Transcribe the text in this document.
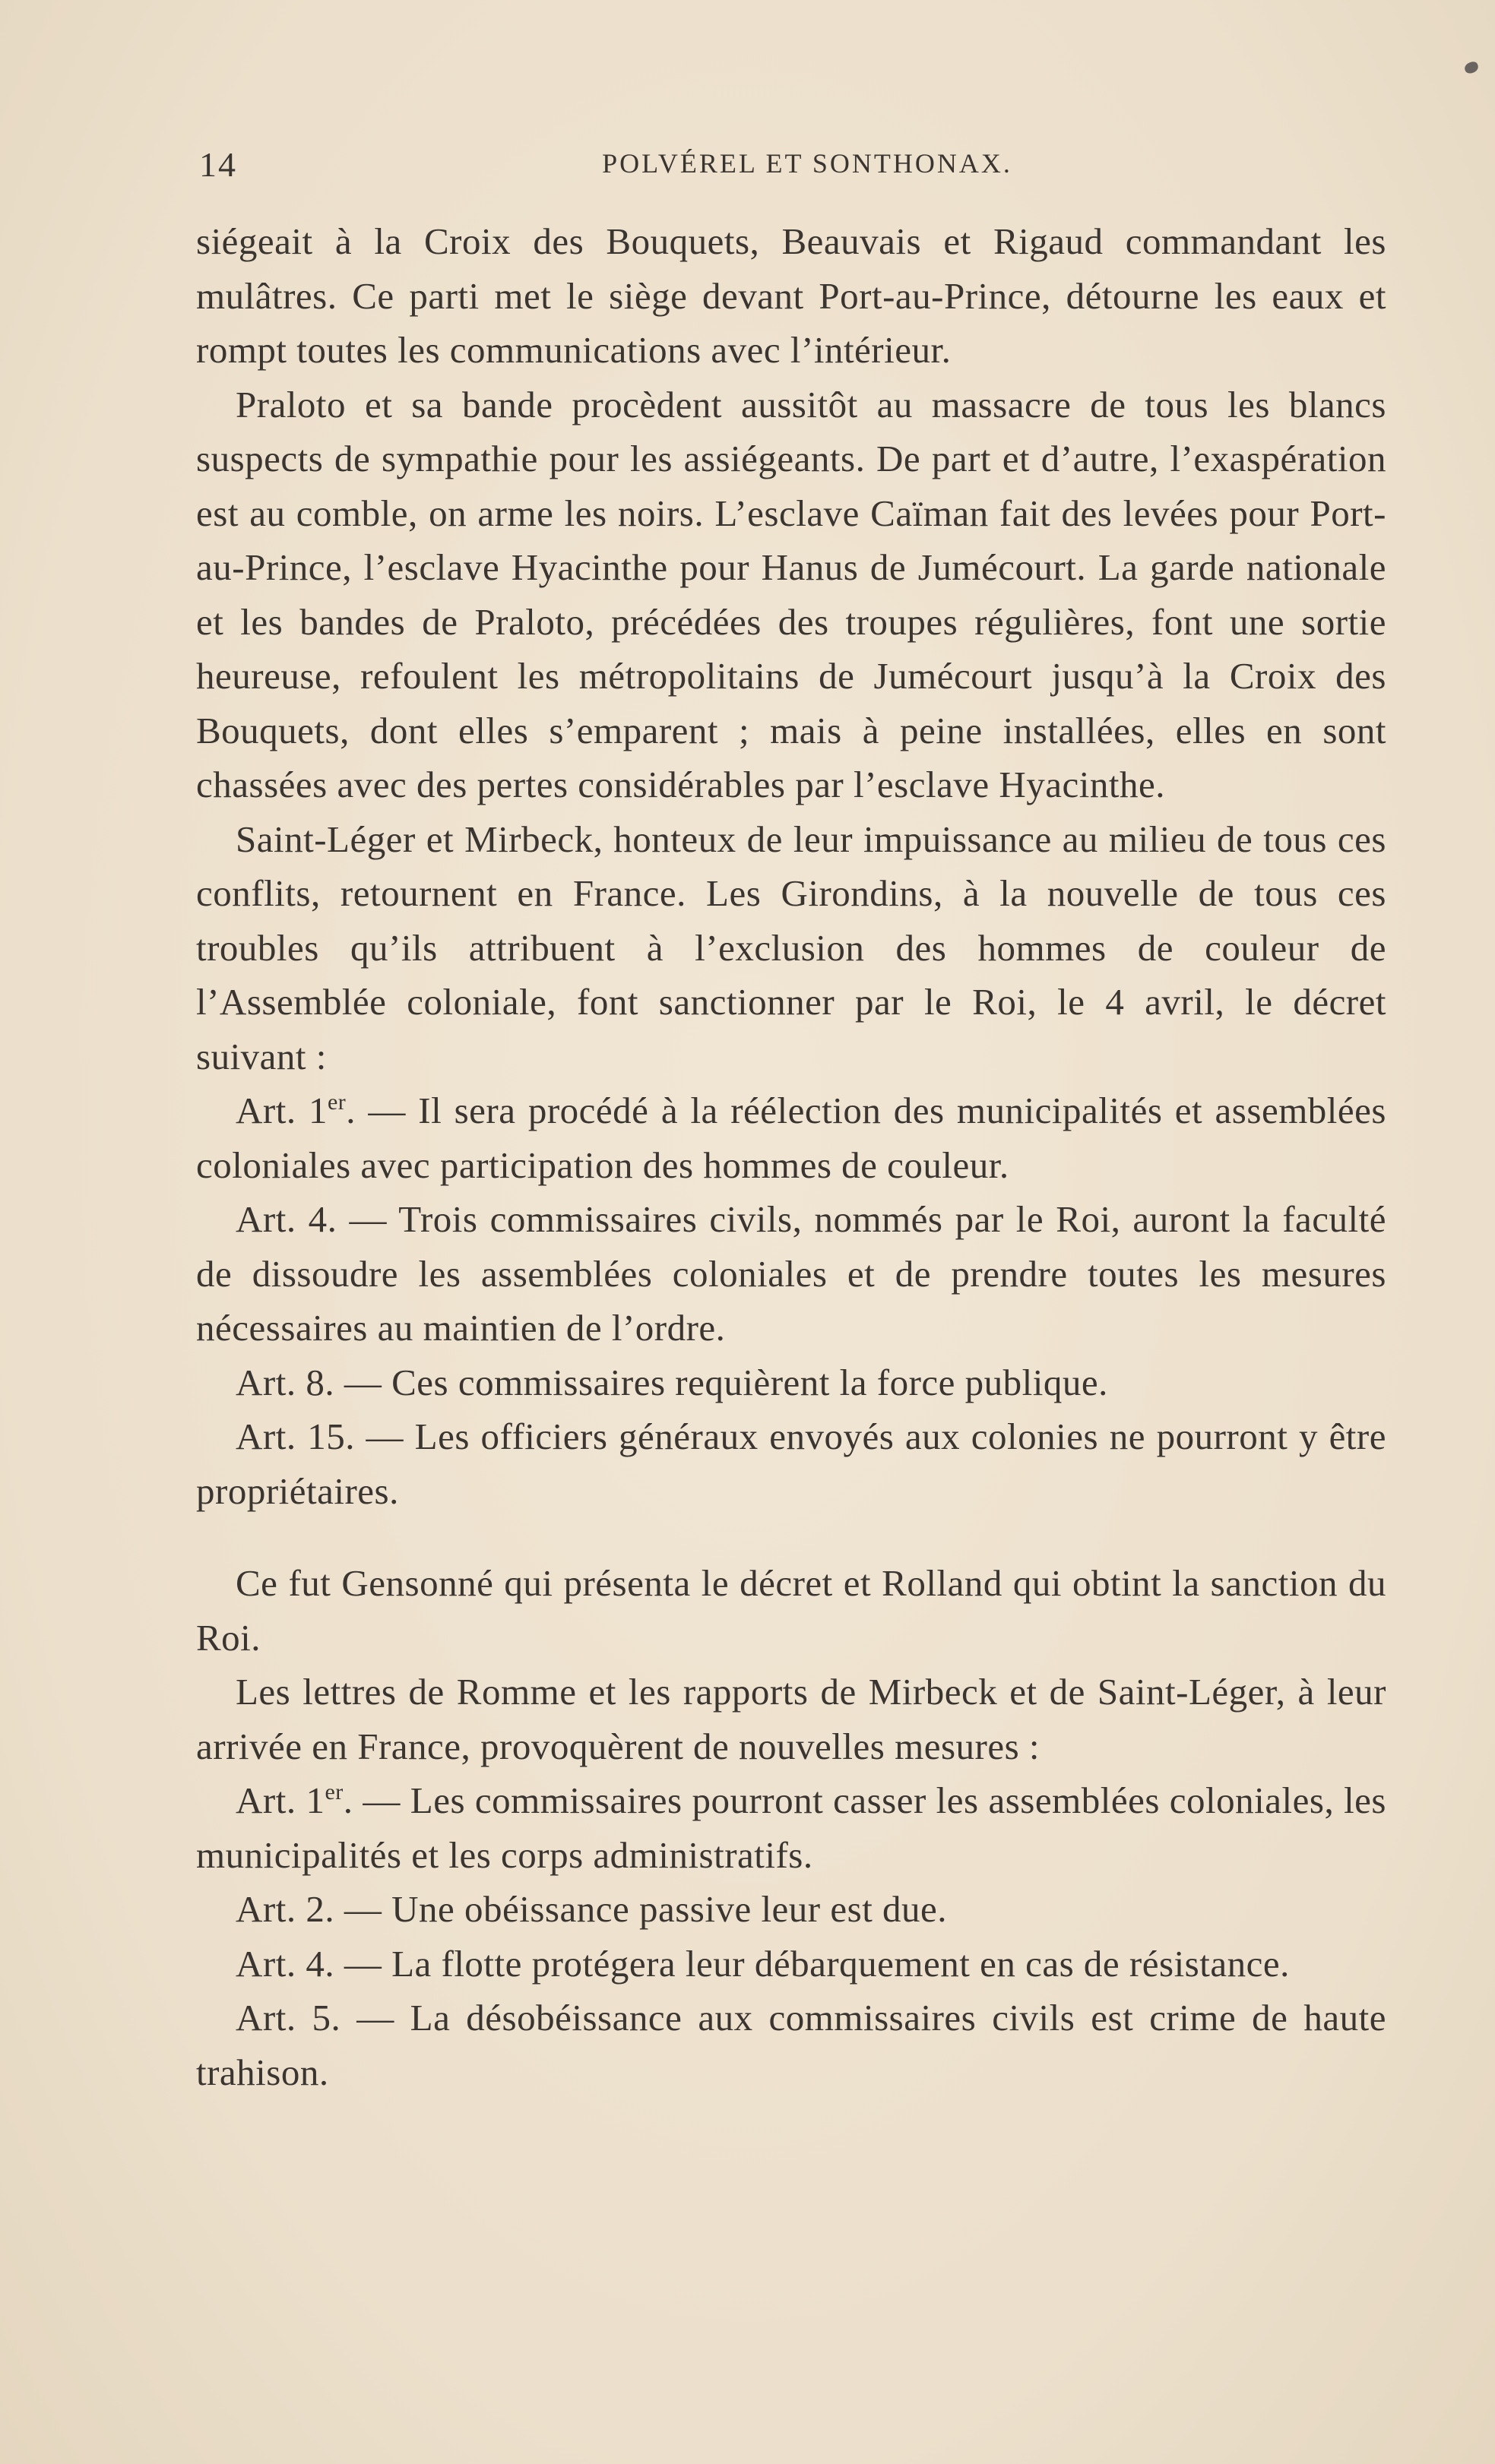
14	POLVÉREL ET SONTHONAX.

siégeait à la Croix des Bouquets, Beauvais et Rigaud commandant les mulâtres. Ce parti met le siège devant Port-au-Prince, détourne les eaux et rompt toutes les communications avec l’intérieur.

Praloto et sa bande procèdent aussitôt au massacre de tous les blancs suspects de sympathie pour les assiégeants. De part et d’autre, l’exaspération est au comble, on arme les noirs. L’esclave Caïman fait des levées pour Port-au-Prince, l’esclave Hyacinthe pour Hanus de Jumécourt. La garde nationale et les bandes de Praloto, précédées des troupes régulières, font une sortie heureuse, refoulent les métropolitains de Jumécourt jusqu’à la Croix des Bouquets, dont elles s’emparent ; mais à peine installées, elles en sont chassées avec des pertes considérables par l’esclave Hyacinthe.

Saint-Léger et Mirbeck, honteux de leur impuissance au milieu de tous ces conflits, retournent en France. Les Girondins, à la nouvelle de tous ces troubles qu’ils attribuent à l’exclusion des hommes de couleur de l’Assemblée coloniale, font sanctionner par le Roi, le 4 avril, le décret suivant :

Art. 1er. — Il sera procédé à la réélection des municipalités et assemblées coloniales avec participation des hommes de couleur.

Art. 4. — Trois commissaires civils, nommés par le Roi, auront la faculté de dissoudre les assemblées coloniales et de prendre toutes les mesures nécessaires au maintien de l’ordre.

Art. 8. — Ces commissaires requièrent la force publique.

Art. 15. — Les officiers généraux envoyés aux colonies ne pourront y être propriétaires.

Ce fut Gensonné qui présenta le décret et Rolland qui obtint la sanction du Roi.

Les lettres de Romme et les rapports de Mirbeck et de Saint-Léger, à leur arrivée en France, provoquèrent de nouvelles mesures :

Art. 1er. — Les commissaires pourront casser les assemblées coloniales, les municipalités et les corps administratifs.

Art. 2. — Une obéissance passive leur est due.

Art. 4. — La flotte protégera leur débarquement en cas de résistance.

Art. 5. — La désobéissance aux commissaires civils est crime de haute trahison.
